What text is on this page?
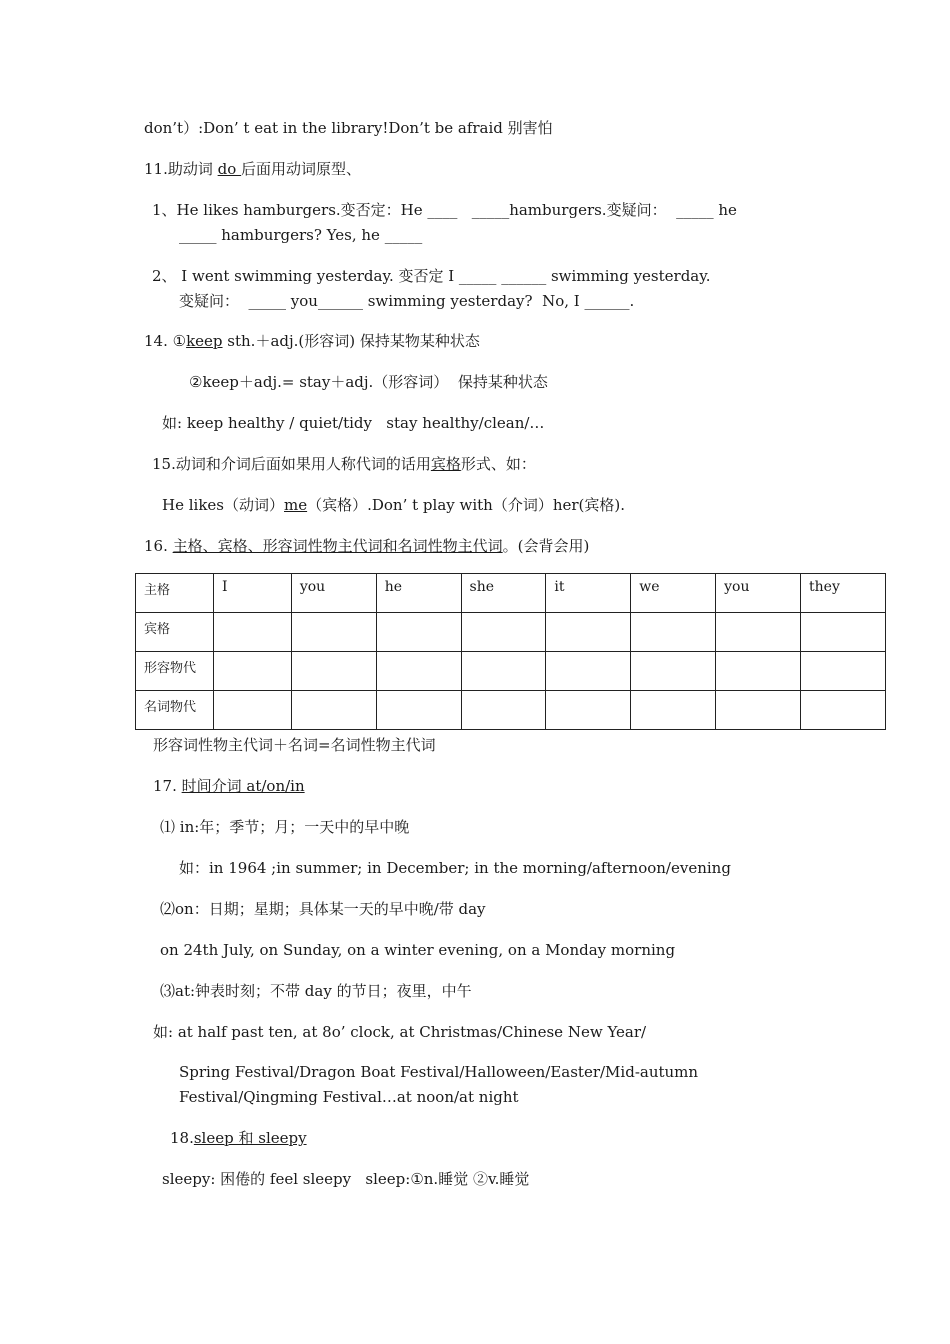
don’t）:Don’ t eat in the library!Don’t be afraid 别害怕
11.助动词 do 后面用动词原型、
1、He likes hamburgers.变否定：He ____   _____hamburgers.变疑问：  _____ he
_____ hamburgers? Yes, he _____
2、 I went swimming yesterday. 变否定 I _____ ______ swimming yesterday.
变疑问：  _____ you______ swimming yesterday?  No, I ______.
14. ①keep sth.＋adj.(形容词) 保持某物某种状态
②keep＋adj.= stay＋adj.（形容词）  保持某种状态
如: keep healthy / quiet/tidy   stay healthy/clean/…
15.动词和介词后面如果用人称代词的话用宾格形式、如：
He likes（动词）me（宾格）.Don’ t play with（介词）her(宾格).
16. 主格、宾格、形容词性物主代词和名词性物主代词。(会背会用)
主格	I	you	he	she	it	we	you	they

宾格								

形容物代								

名词物代								

形容词性物主代词＋名词=名词性物主代词
17. 时间介词 at/on/in
⑴ in:年；季节；月；一天中的早中晚
如：in 1964 ;in summer; in December; in the morning/afternoon/evening
⑵on：日期；星期；具体某一天的早中晚/带 day
on 24th July, on Sunday, on a winter evening, on a Monday morning
⑶at:钟表时刻；不带 day 的节日；夜里，中午
如: at half past ten, at 8o’ clock, at Christmas/Chinese New Year/
Spring Festival/Dragon Boat Festival/Halloween/Easter/Mid-autumn
Festival/Qingming Festival…at noon/at night
18.sleep 和 sleepy
sleepy: 困倦的 feel sleepy   sleep:①n.睡觉 ②v.睡觉
